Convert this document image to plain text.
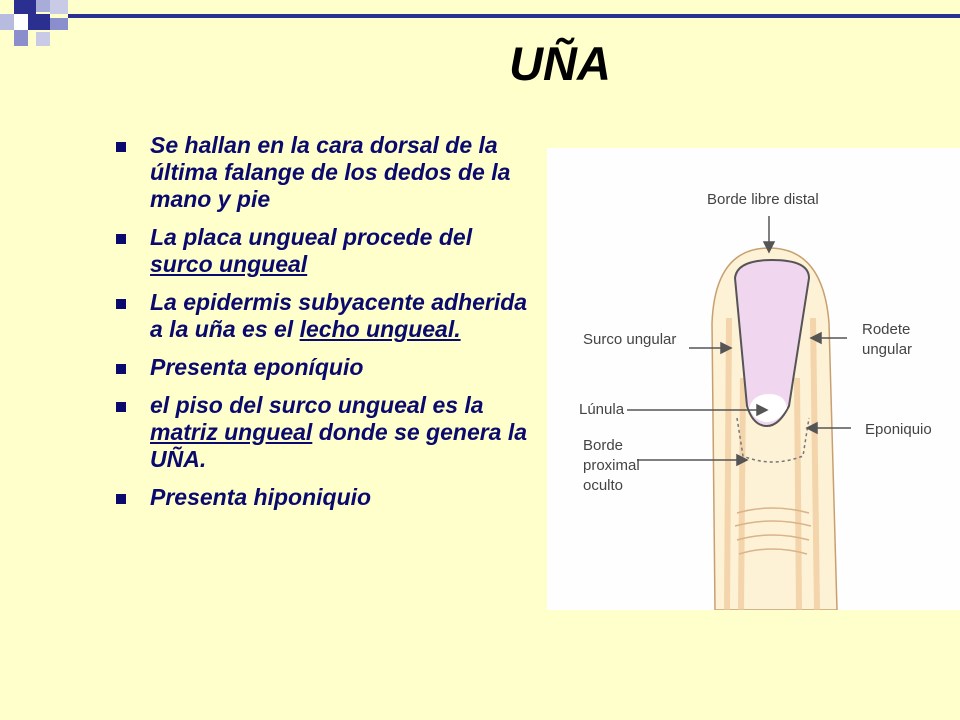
UÑA
Se hallan en la cara dorsal de la última falange de los dedos de la mano y pie
La placa ungueal procede del surco ungueal
La epidermis subyacente adherida a la uña es el lecho ungueal.
Presenta eponíquio
el piso del surco ungueal es la matriz ungueal donde se genera la UÑA.
Presenta hiponiquio
Borde libre distal
Surco ungular
Rodete
ungular
Lúnula
Eponiquio
Borde
proximal
oculto
